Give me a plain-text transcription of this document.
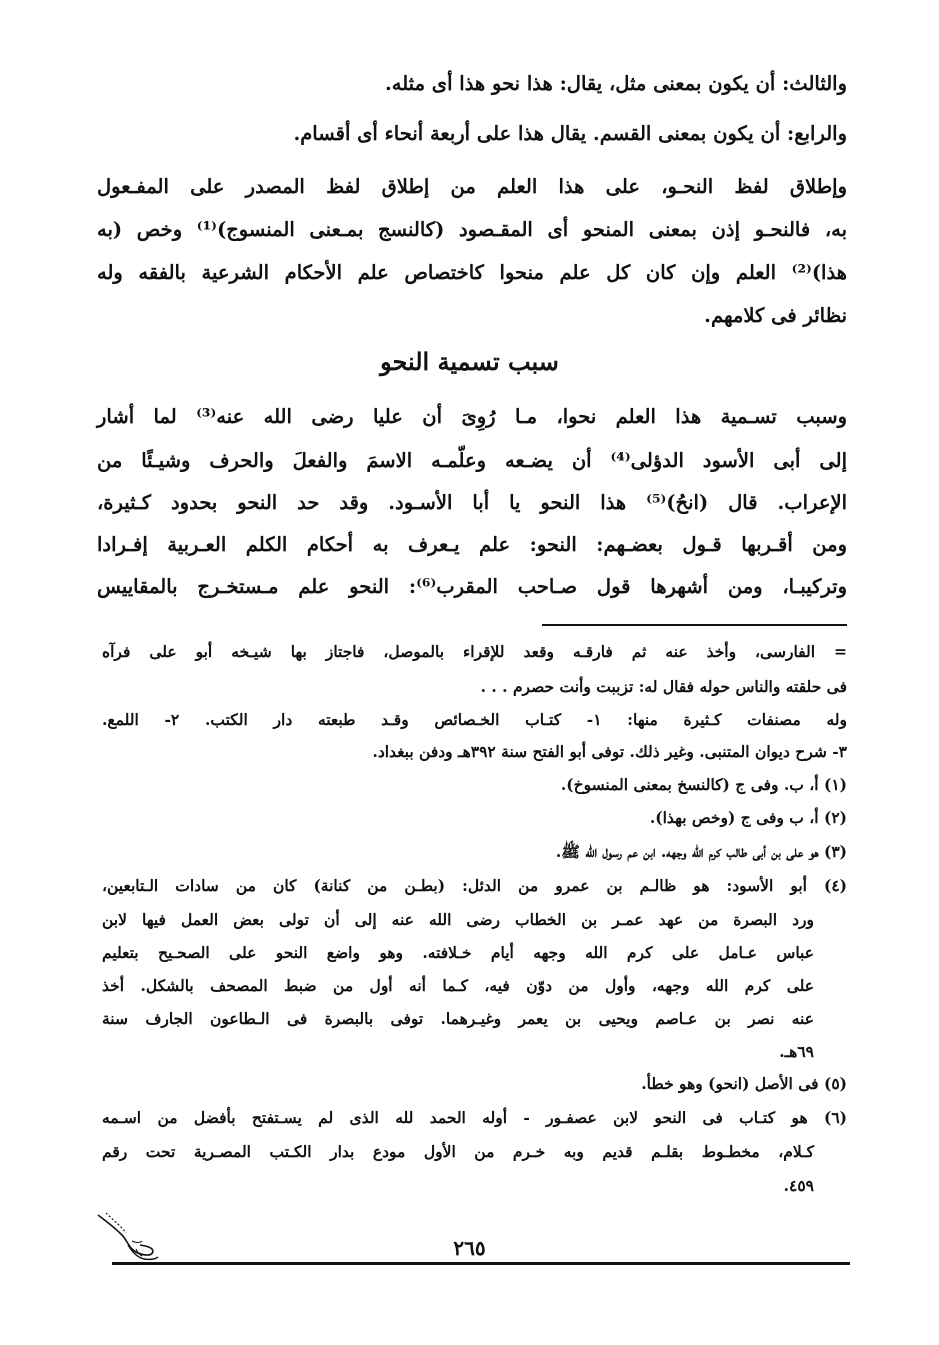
والثالث: أن يكون بمعنى مثل، يقال: هذا نحو هذا أى مثله.
والرابع: أن يكون بمعنى القسم. يقال هذا على أربعة أنحاء أى أقسام.
وإطلاق لفظ النحـو، على هذا العلم من إطلاق لفظ المصدر على المفـعول
به، فالنحـو إذن بمعنى المنحو أى المقـصود (كالنسج بمـعنى المنسوج)⁽¹⁾ وخص (به
هذا)⁽²⁾ العلم وإن كان كل علم منحوا كاختصاص علم الأحكام الشرعية بالفقه وله
نظائر فى كلامهم.
سبب تسمية النحو
وسبب تسـمية هذا العلم نحوا، مـا رُوِىَ أن عليا رضى الله عنه⁽³⁾ لما أشار
إلى أبى الأسود الدؤلى⁽⁴⁾ أن يضـعه وعلّمـه الاسمَ والفعلَ والحرف وشيـئًا من
الإعراب. قال (انحُ)⁽⁵⁾ هذا النحو يا أبا الأسـود. وقد حد النحو بحدود كـثيرة،
ومن أقـربها قـول بعضـهم: النحو: علم يـعرف به أحكام الكلم العـربية إفـرادا
وتركيبـا، ومن أشهرها قول صـاحب المقرب⁽⁶⁾: النحو علم مـستخـرج بالمقاييس
= الفارسى، وأخذ عنه ثم فارقـه وقعد للإقراء بالموصل، فاجتاز بها شيـخه أبو على فرآه
فى حلقته والناس حوله فقال له: تزببت وأنت حصرم . . .
وله مصنفات كـثيرة منها: ١- كتـاب الخـصائص وقـد طبعته دار الكتب. ٢- اللمع.
٣- شرح ديوان المتنبى. وغير ذلك. توفى أبو الفتح سنة ٣٩٢هـ ودفن ببغداد.
(١) أ، ب. وفى ج (كالنسخ بمعنى المنسوخ).
(٢) أ، ب وفى ج (وخص بهذا).
(٣) هو على بن أبى طالب كرم الله وجهه. ابن عم رسول الله ﷺ.
(٤) أبو الأسود: هو ظالـم بن عمرو من الدئل: (بطـن من كنانة) كان من سادات الـتابعين،
ورد البصرة من عهد عمـر بن الخطاب رضى الله عنه إلى أن تولى بعض العمل فيها لابن
عباس عـامل على كرم الله وجهه أيام خـلافته. وهو واضع النحو على الصحـيح بتعليم
على كرم الله وجهه، وأول من دوّن فيه، كـما أنه أول من ضبط المصحف بالشكل. أخذ
عنه نصر بن عـاصم ويحيى بن يعمر وغيـرهما. توفى بالبصرة فى الـطاعون الجارف سنة
٦٩هـ.
(٥) فى الأصل (انحو) وهو خطأ.
(٦) هو كتـاب فى النحو لابن عصفـور - أوله الحمد لله الذى لم يسـتفتح بأفضل من اسـمه
كـلام، مخطـوط بقلـم قديم وبه خـرم من الأول مودع بدار الكـتب المصـرية تحت رقم
٤٥٩.
٢٦٥
